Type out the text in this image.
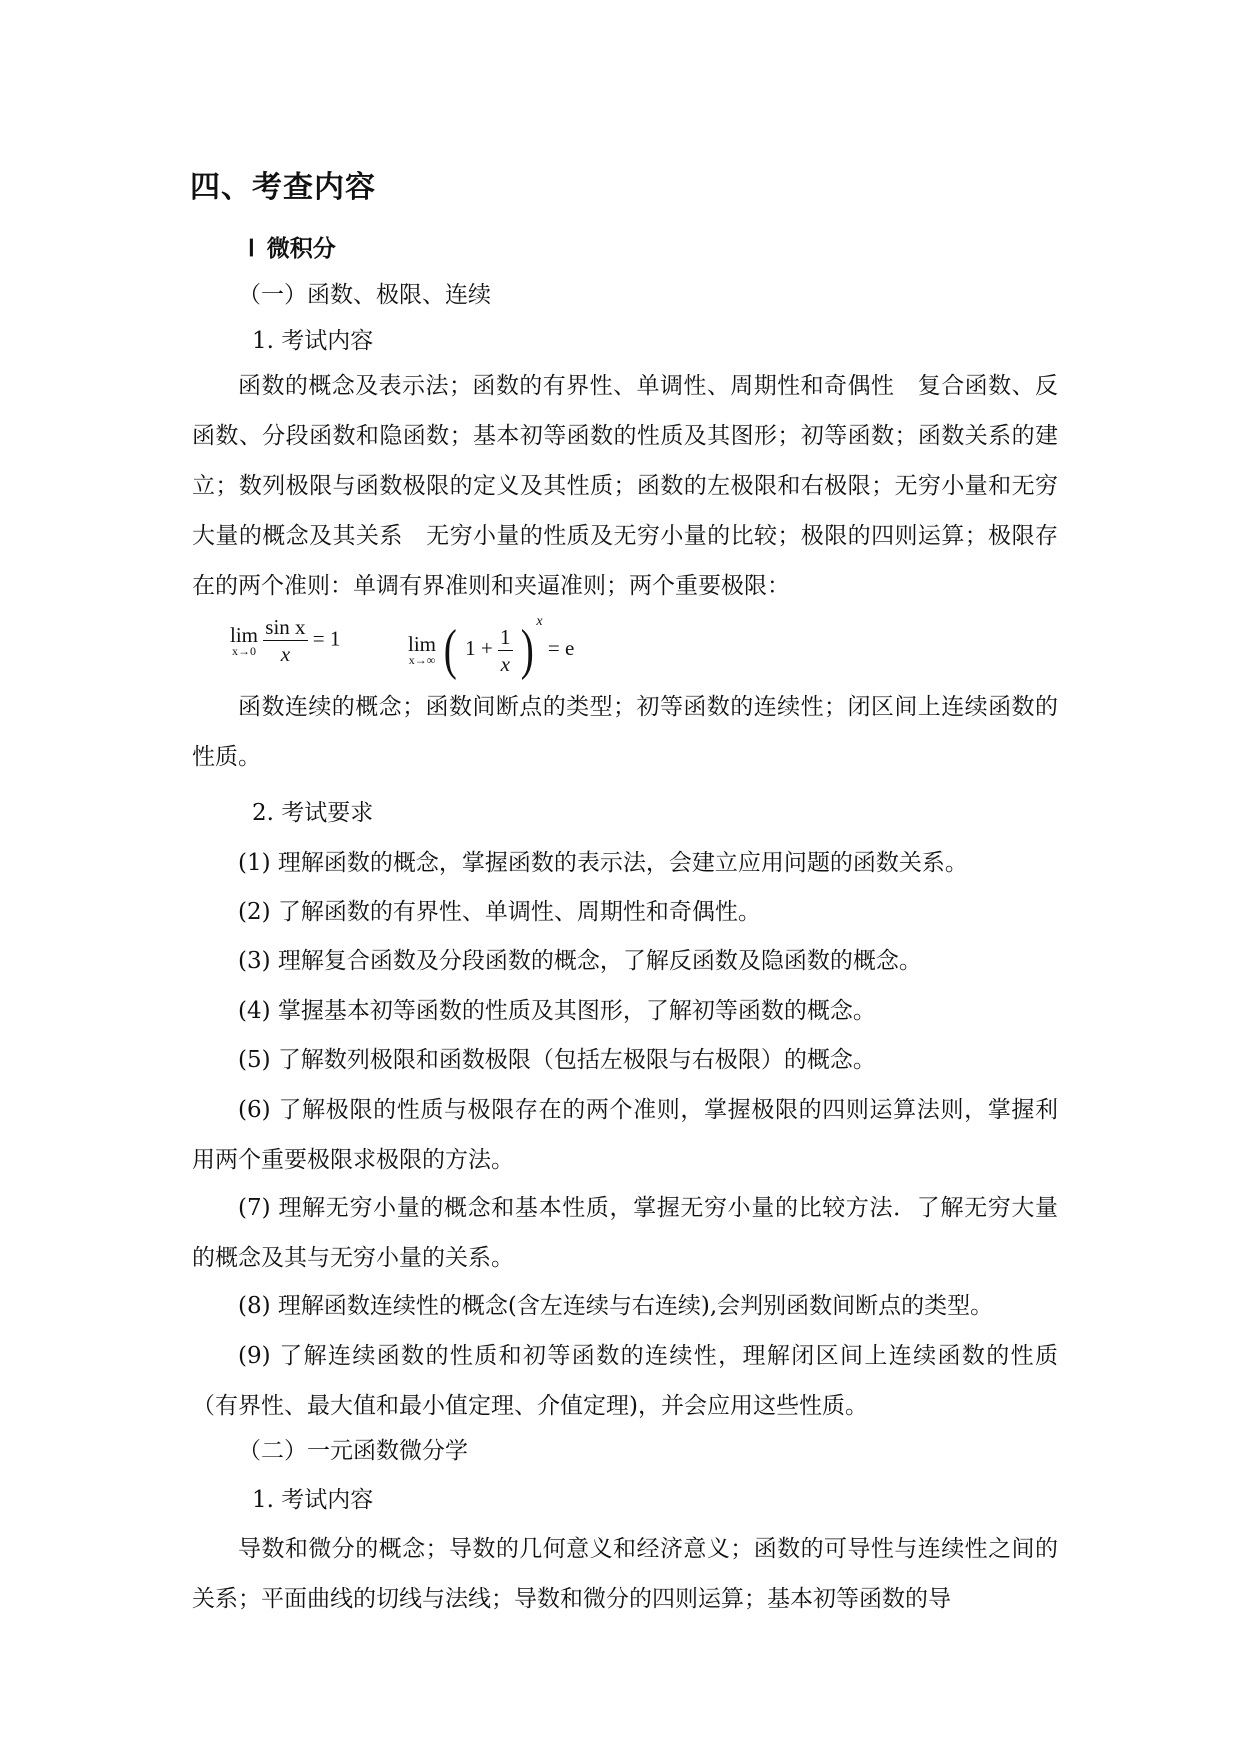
四、考查内容
Ⅰ 微积分
（一）函数、极限、连续
1. 考试内容
函数的概念及表示法；函数的有界性、单调性、周期性和奇偶性　复合函数、反函数、分段函数和隐函数；基本初等函数的性质及其图形；初等函数；函数关系的建立；数列极限与函数极限的定义及其性质；函数的左极限和右极限；无穷小量和无穷大量的概念及其关系　无穷小量的性质及无穷小量的比较；极限的四则运算；极限存在的两个准则：单调有界准则和夹逼准则；两个重要极限：
lim
x→0
$\frac{\text{sin x}}{x} = 1$	lim
x→∞ ( $1 + \frac{1}{x}$ ) $^x$ = e
函数连续的概念；函数间断点的类型；初等函数的连续性；闭区间上连续函数的性质。
2. 考试要求
(1) 理解函数的概念，掌握函数的表示法，会建立应用问题的函数关系。
(2) 了解函数的有界性、单调性、周期性和奇偶性。
(3) 理解复合函数及分段函数的概念，了解反函数及隐函数的概念。
(4) 掌握基本初等函数的性质及其图形，了解初等函数的概念。
(5) 了解数列极限和函数极限（包括左极限与右极限）的概念。
(6) 了解极限的性质与极限存在的两个准则，掌握极限的四则运算法则，掌握利用两个重要极限求极限的方法。
(7) 理解无穷小量的概念和基本性质，掌握无穷小量的比较方法．了解无穷大量的概念及其与无穷小量的关系。
(8) 理解函数连续性的概念(含左连续与右连续),会判别函数间断点的类型。
(9) 了解连续函数的性质和初等函数的连续性，理解闭区间上连续函数的性质（有界性、最大值和最小值定理、介值定理)，并会应用这些性质。
（二）一元函数微分学
1. 考试内容
导数和微分的概念；导数的几何意义和经济意义；函数的可导性与连续性之间的关系；平面曲线的切线与法线；导数和微分的四则运算；基本初等函数的导
